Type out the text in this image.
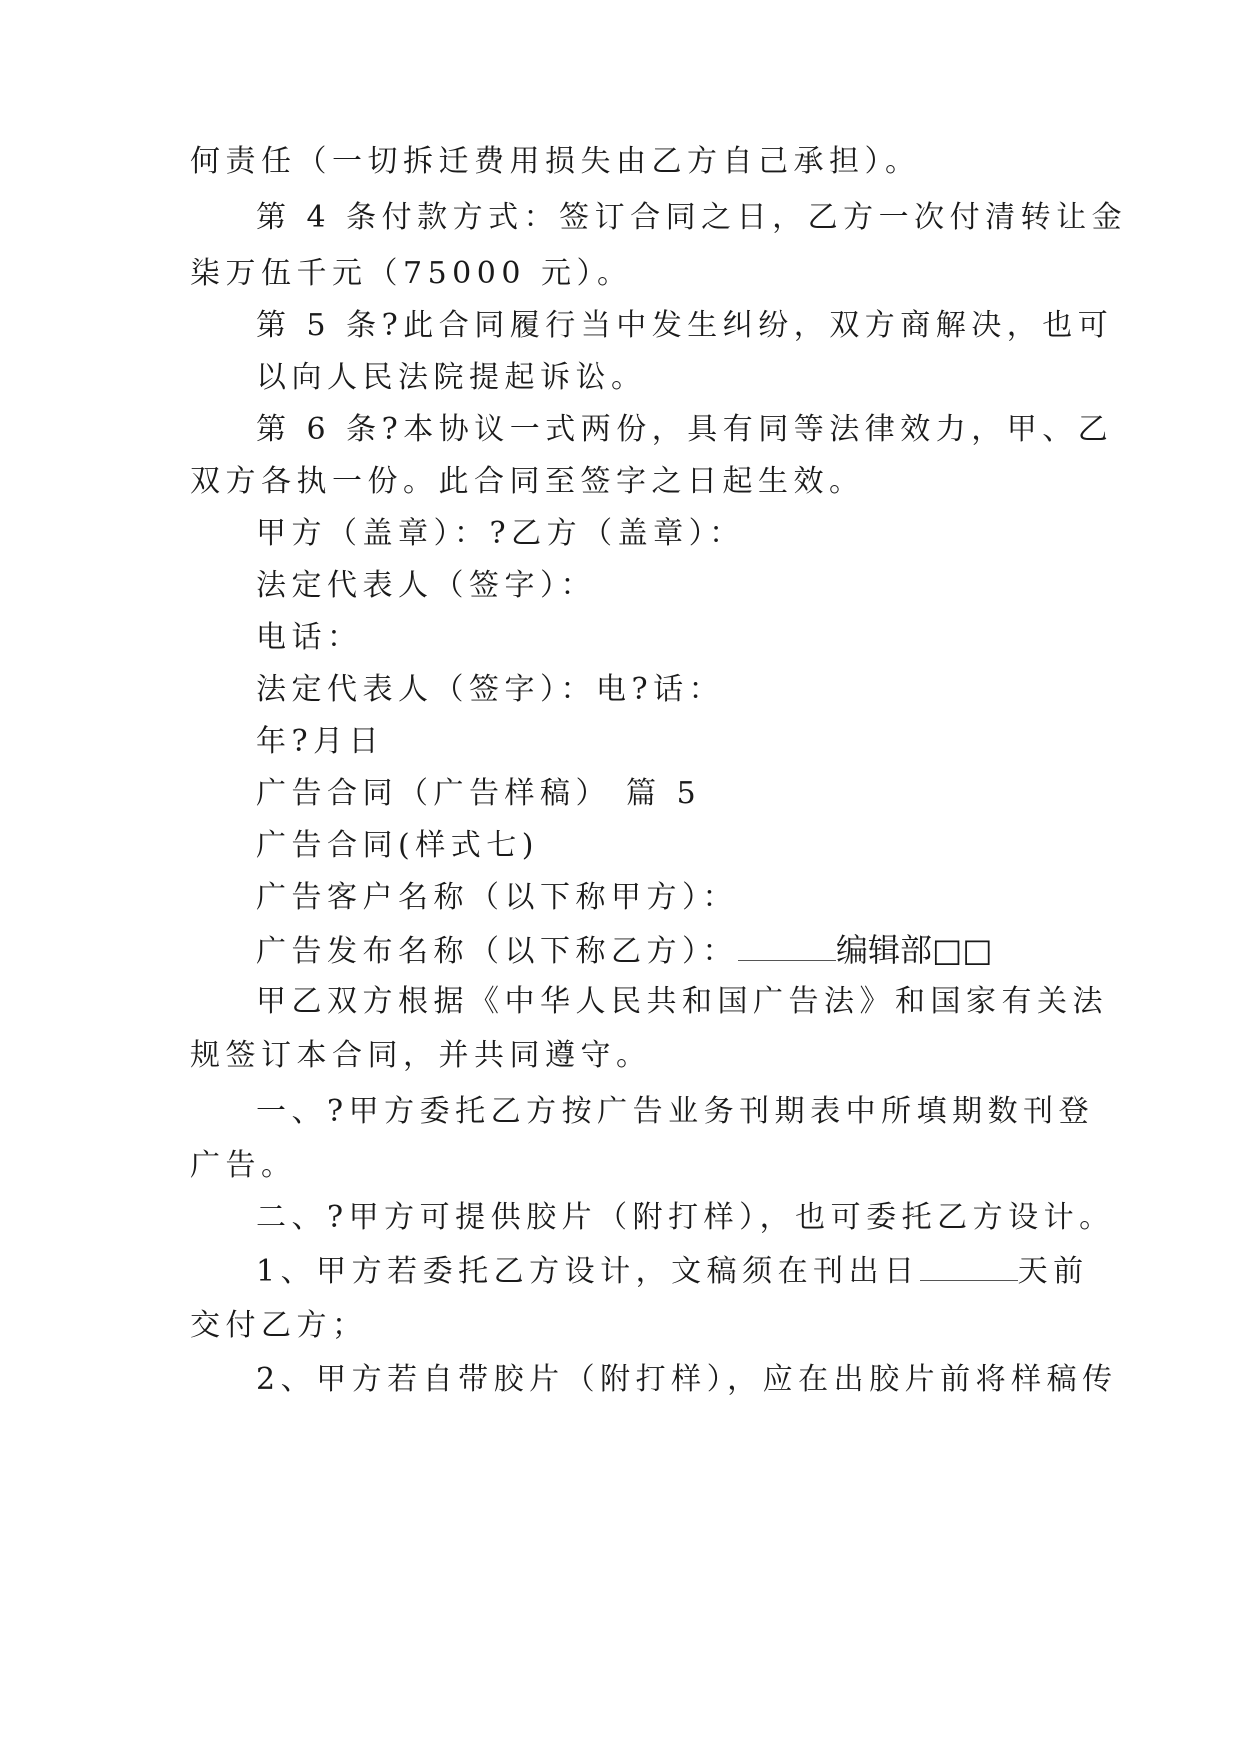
何责任（一切拆迁费用损失由乙方自己承担）。
第 4 条付款方式：签订合同之日，乙方一次付清转让金
柒万伍千元（75000 元）。
第 5 条?此合同履行当中发生纠纷，双方商解决，也可
以向人民法院提起诉讼。
第 6 条?本协议一式两份，具有同等法律效力，甲、乙
双方各执一份。此合同至签字之日起生效。
甲方（盖章）：?乙方（盖章）：
法定代表人（签字）：
电话：
法定代表人（签字）：电?话：
年?月日
广告合同（广告样稿） 篇 5
广告合同(样式七)
广告客户名称（以下称甲方）：
广告发布名称（以下称乙方）：	编辑部□□
甲乙双方根据《中华人民共和国广告法》和国家有关法
规签订本合同，并共同遵守。
一、?甲方委托乙方按广告业务刊期表中所填期数刊登
广告。
二、?甲方可提供胶片（附打样），也可委托乙方设计。
1、甲方若委托乙方设计，文稿须在刊出日	天前
交付乙方；
2、甲方若自带胶片（附打样），应在出胶片前将样稿传
